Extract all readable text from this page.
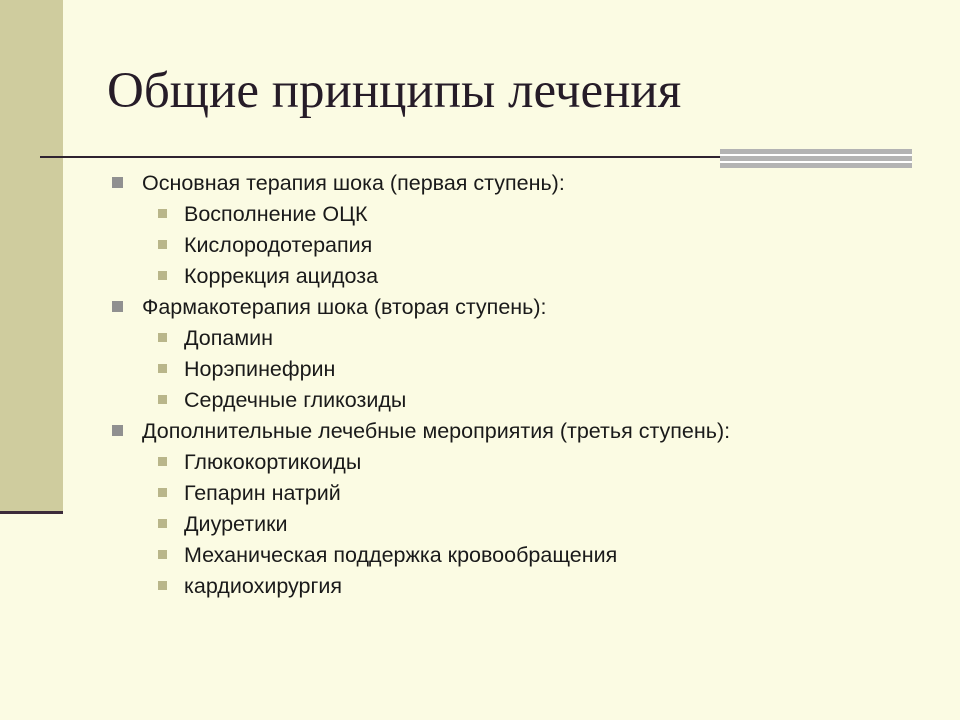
Общие принципы лечения
Основная терапия шока (первая ступень):
Восполнение ОЦК
Кислородотерапия
Коррекция ацидоза
Фармакотерапия шока (вторая ступень):
Допамин
Норэпинефрин
Сердечные гликозиды
Дополнительные лечебные мероприятия (третья ступень):
Глюкокортикоиды
Гепарин натрий
Диуретики
Механическая поддержка кровообращения
кардиохирургия
